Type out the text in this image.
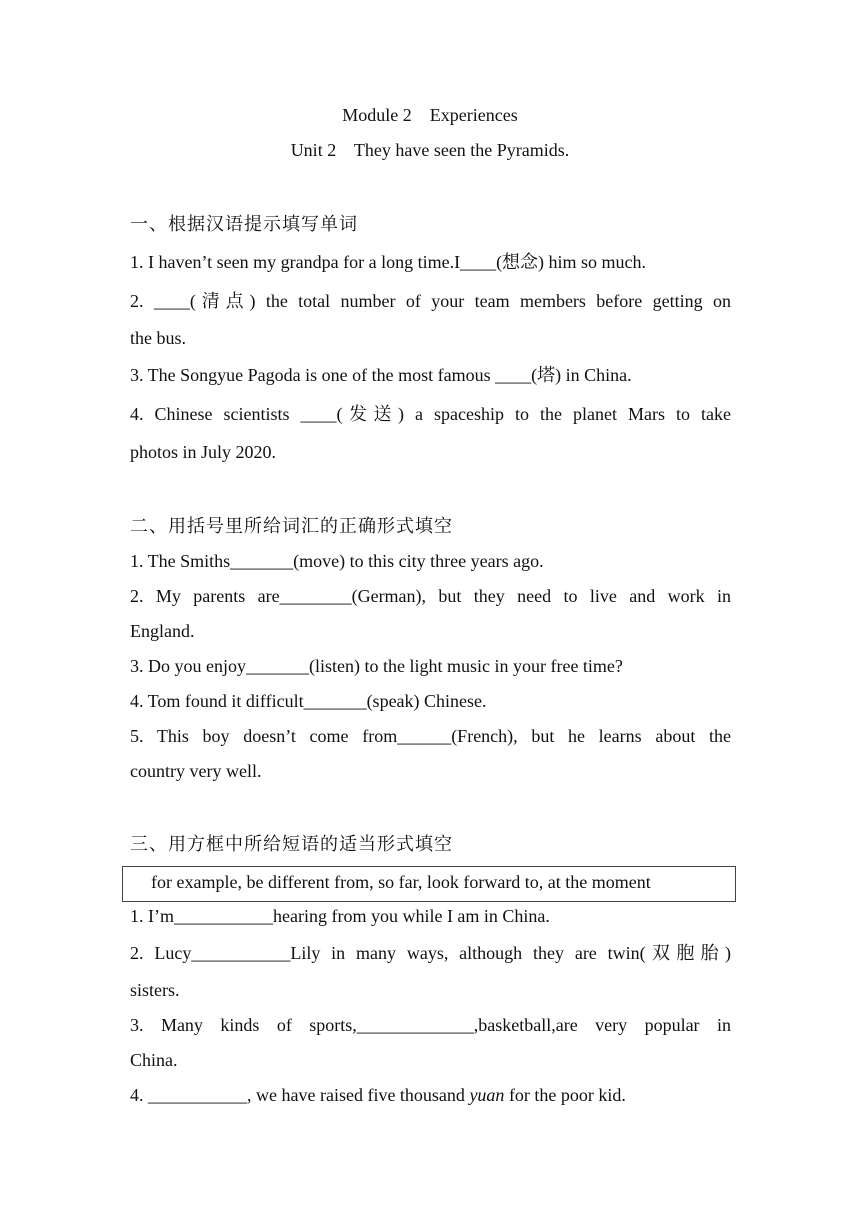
Module 2    Experiences
Unit 2    They have seen the Pyramids.
一、根据汉语提示填写单词
1. I haven’t seen my grandpa for a long time.I____(想念) him so much.
2. ____(清点) the total number of your team members before getting on
the bus.
3. The Songyue Pagoda is one of the most famous ____(塔) in China.
4. Chinese scientists ____(发送) a spaceship to the planet Mars to take
photos in July 2020.
二、用括号里所给词汇的正确形式填空
1. The Smiths_______(move) to this city three years ago.
2. My parents are________(German), but they need to live and work in
England.
3. Do you enjoy_______(listen) to the light music in your free time?
4. Tom found it difficult_______(speak) Chinese.
5. This boy doesn’t come from______(French), but he learns about the
country very well.
三、用方框中所给短语的适当形式填空
for example, be different from, so far, look forward to, at the moment
1. I’m___________hearing from you while I am in China.
2. Lucy___________Lily in many ways, although they are twin(双胞胎)
sisters.
3. Many kinds of sports,_____________,basketball,are very popular in
China.
4. ___________, we have raised five thousand yuan for the poor kid.
